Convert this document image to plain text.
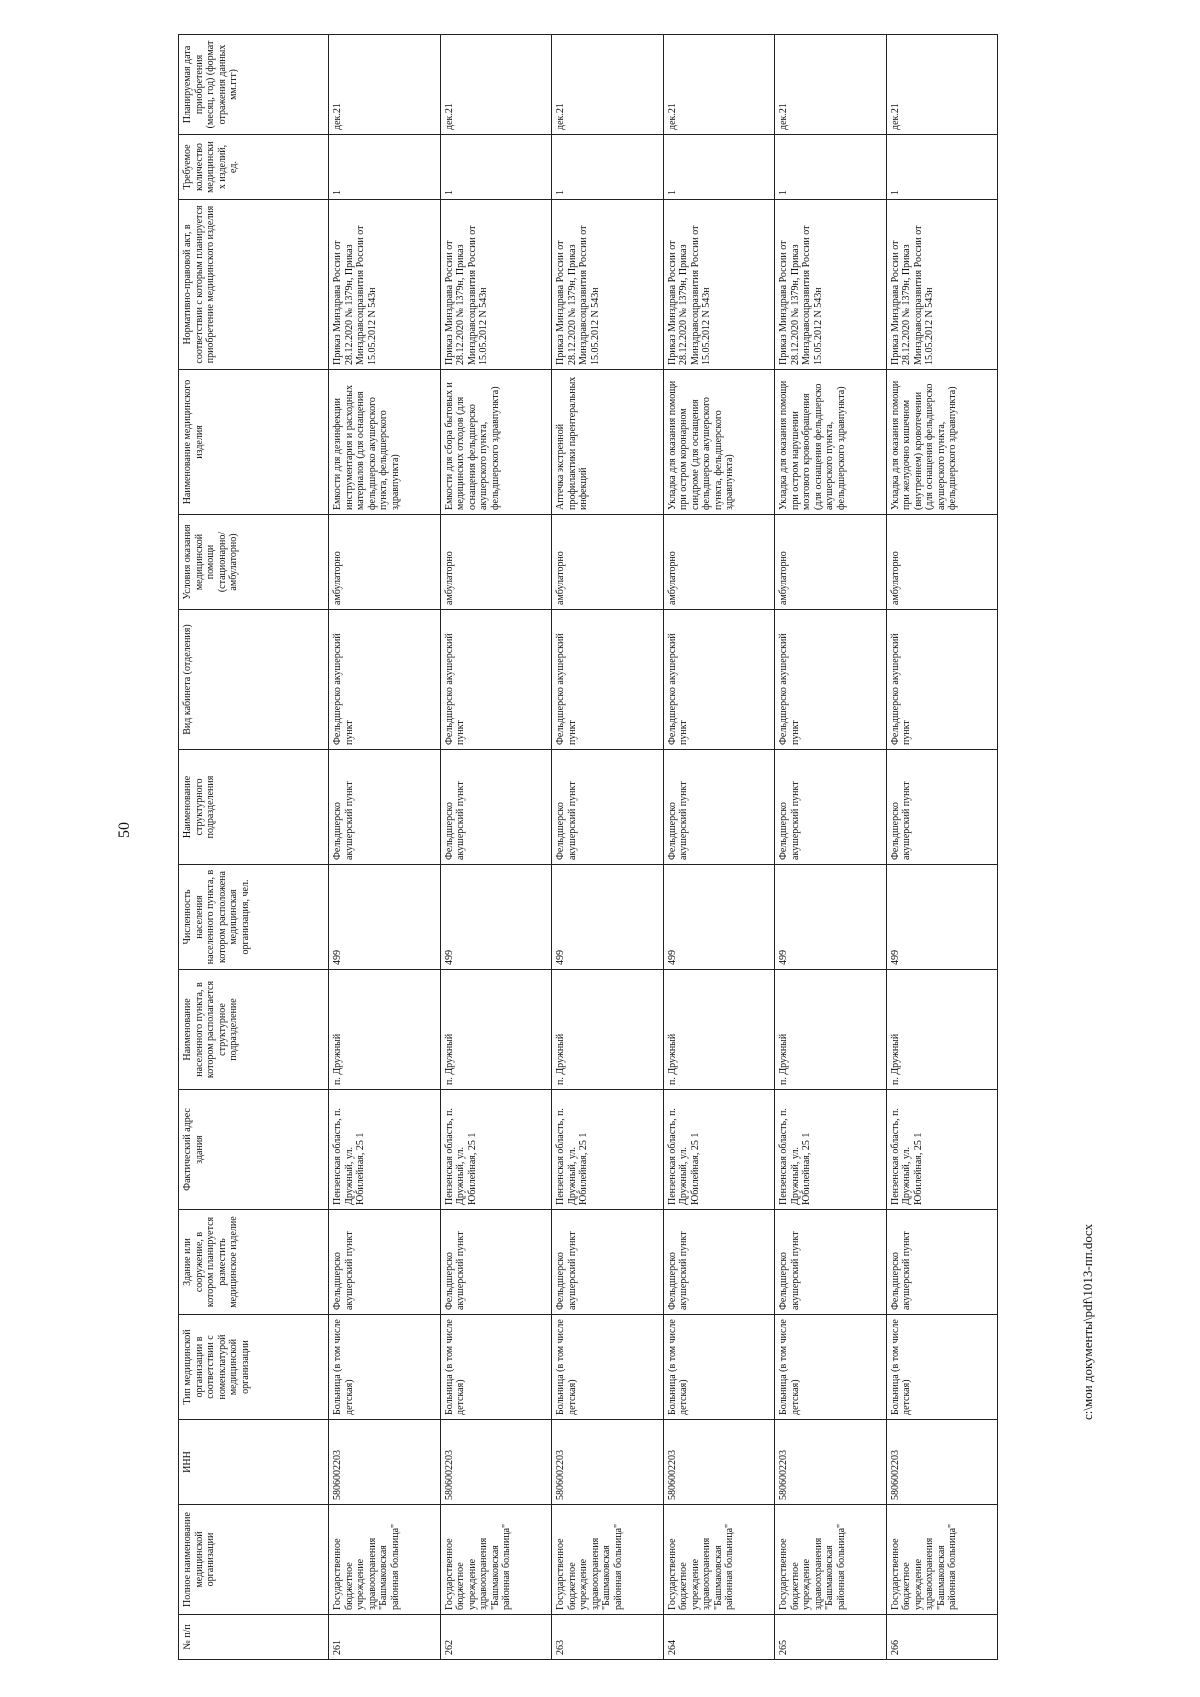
50
№ п/п	Полное наименование медицинской организации	ИНН	Тип медицинской организации в соответствии с номенклатурой медицинской организации	Здание или сооружение, в котором планируется разместить медицинское изделие	Фактический адрес здания	Наименование населенного пункта, в котором располагается структурное подразделение	Численность населения населенного пункта, в котором расположена медицинская организация, чел.	Наименование структурного подразделения	Вид кабинета (отделения)	Условия оказания медицинской помощи (стационарно/ амбулаторно)	Наименование медицинского изделия	Нормативно-правовой акт, в соответствии с которым планируется приобретение медицинского изделия	Требуемое количество медицинских изделий, ед.	Планируемая дата приобретения (месяц, год) (формат отражения данных мм.ггг)
261	Государственное бюджетное учреждение здравоохранения "Башмаковская районная больница"	5806002203	Больница (в том числе детская)	Фельдшерско акушерский пункт	Пензенская область, п. Дружный, ул. Юбилейная, 25 1	п. Дружный	499	Фельдшерско акушерский пункт	Фельдшерско акушерский пункт	амбулаторно	Емкости для дезинфекции инструментария и расходных материалов (для оснащения фельдшерско акушерского пункта, фельдшерского здравпункта)	Приказ Минздрава России от 28.12.2020 № 1379н, Приказ Минздравсоцразвития России от 15.05.2012 N 543н	1	дек.21
262	Государственное бюджетное учреждение здравоохранения "Башмаковская районная больница"	5806002203	Больница (в том числе детская)	Фельдшерско акушерский пункт	Пензенская область, п. Дружный, ул. Юбилейная, 25 1	п. Дружный	499	Фельдшерско акушерский пункт	Фельдшерско акушерский пункт	амбулаторно	Емкости для сбора бытовых и медицинских отходов (для оснащения фельдшерско акушерского пункта, фельдшерского здравпункта)	Приказ Минздрава России от 28.12.2020 № 1379н, Приказ Минздравсоцразвития России от 15.05.2012 N 543н	1	дек.21
263	Государственное бюджетное учреждение здравоохранения "Башмаковская районная больница"	5806002203	Больница (в том числе детская)	Фельдшерско акушерский пункт	Пензенская область, п. Дружный, ул. Юбилейная, 25 1	п. Дружный	499	Фельдшерско акушерский пункт	Фельдшерско акушерский пункт	амбулаторно	Аптечка экстренной профилактики парентеральных инфекций	Приказ Минздрава России от 28.12.2020 № 1379н, Приказ Минздравсоцразвития России от 15.05.2012 N 543н	1	дек.21
264	Государственное бюджетное учреждение здравоохранения "Башмаковская районная больница"	5806002203	Больница (в том числе детская)	Фельдшерско акушерский пункт	Пензенская область, п. Дружный, ул. Юбилейная, 25 1	п. Дружный	499	Фельдшерско акушерский пункт	Фельдшерско акушерский пункт	амбулаторно	Укладка для оказания помощи при остром коронарном синдроме (для оснащения фельдшерско акушерского пункта, фельдшерского здравпункта)	Приказ Минздрава России от 28.12.2020 № 1379н, Приказ Минздравсоцразвития России от 15.05.2012 N 543н	1	дек.21
265	Государственное бюджетное учреждение здравоохранения "Башмаковская районная больница"	5806002203	Больница (в том числе детская)	Фельдшерско акушерский пункт	Пензенская область, п. Дружный, ул. Юбилейная, 25 1	п. Дружный	499	Фельдшерско акушерский пункт	Фельдшерско акушерский пункт	амбулаторно	Укладка для оказания помощи при остром нарушении мозгового кровообращения (для оснащения фельдшерско акушерского пункта, фельдшерского здравпункта)	Приказ Минздрава России от 28.12.2020 № 1379н, Приказ Минздравсоцразвития России от 15.05.2012 N 543н	1	дек.21
266	Государственное бюджетное учреждение здравоохранения "Башмаковская районная больница"	5806002203	Больница (в том числе детская)	Фельдшерско акушерский пункт	Пензенская область, п. Дружный, ул. Юбилейная, 25 1	п. Дружный	499	Фельдшерско акушерский пункт	Фельдшерско акушерский пункт	амбулаторно	Укладка для оказания помощи при желудочно кишечном (внутреннем) кровотечении (для оснащения фельдшерско акушерского пункта, фельдшерского здравпункта)	Приказ Минздрава России от 28.12.2020 № 1379н, Приказ Минздравсоцразвития России от 15.05.2012 N 543н	1	дек.21
c:\мои документы\pdf\1013-пп.docx
